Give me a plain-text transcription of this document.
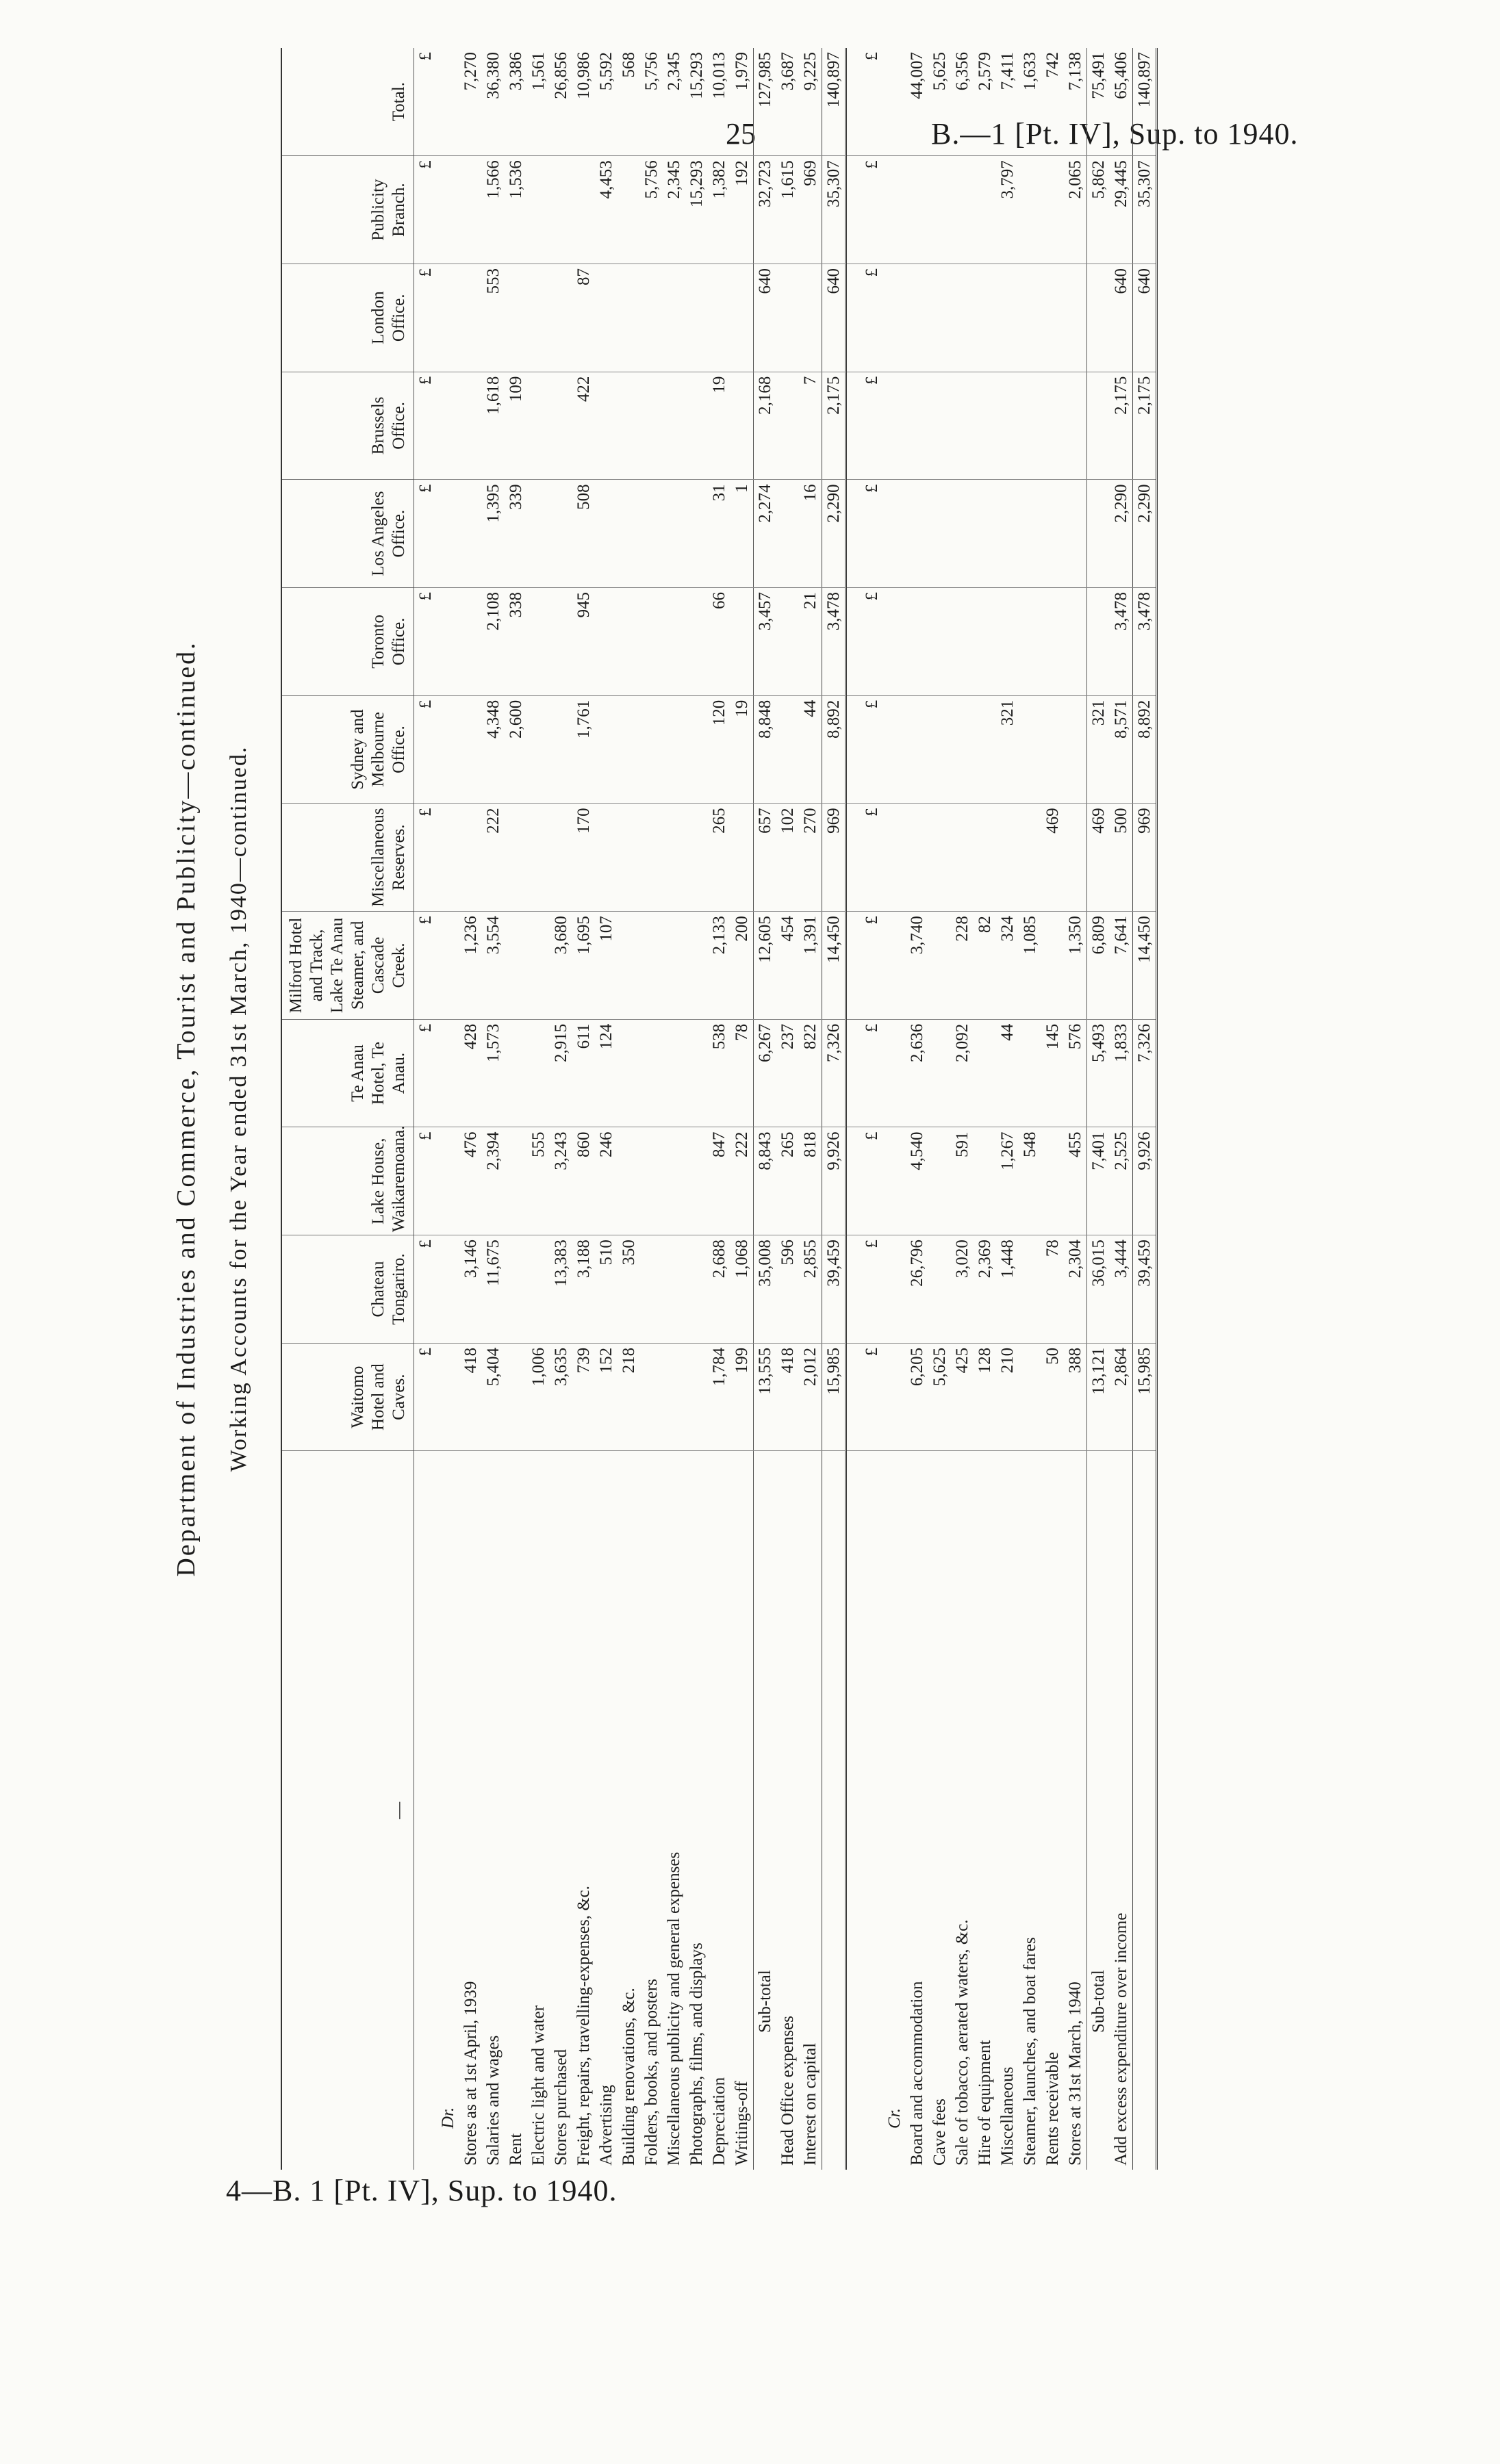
25	B.—1 [Pt. IV], Sup. to 1940.
4—B. 1 [Pt. IV], Sup. to 1940.
Department of Industries and Commerce, Tourist and Publicity—continued. Working Accounts for the Year ended 31st March, 1940—continued.
—	Waitomo Hotel and Caves.	Chateau Tongariro.	Lake House, Waikaremoana.	Te Anau Hotel, Te Anau.	Milford Hotel and Track, Lake Te Anau Steamer, and Cascade Creek.	Miscellaneous Reserves.	Sydney and Melbourne Office.	Toronto Office.	Los Angeles Office.	Brussels Office.	London Office.	Publicity Branch.	Total.
	£	£	£	£	£	£	£	£	£	£	£	£	£
Dr.													
Stores as at 1st April, 1939	418	3,146	476	428	1,236								7,270
Salaries and wages	5,404	11,675	2,394	1,573	3,554	222	4,348	2,108	1,395	1,618	553	1,566	36,380
Rent							2,600	338	339	109		1,536	3,386
Electric light and water	1,006		555										1,561
Stores purchased	3,635	13,383	3,243	2,915	3,680								26,856
Freight, repairs, travelling-expenses, &c.	739	3,188	860	611	1,695	170	1,761	945	508	422	87		10,986
Advertising	152	510	246	124	107							4,453	5,592
Building renovations, &c.	218	350											568
Folders, books, and posters												5,756	5,756
Miscellaneous publicity and general expenses												2,345	2,345
Photographs, films, and displays												15,293	15,293
Depreciation	1,784	2,688	847	538	2,133	265	120	66	31	19		1,382	10,013
Writings-off	199	1,068	222	78	200		19		1			192	1,979
Sub-total	13,555	35,008	8,843	6,267	12,605	657	8,848	3,457	2,274	2,168	640	32,723	127,985
Head Office expenses	418	596	265	237	454	102						1,615	3,687
Interest on capital	2,012	2,855	818	822	1,391	270	44	21	16	7		969	9,225
	15,985	39,459	9,926	7,326	14,450	969	8,892	3,478	2,290	2,175	640	35,307	140,897

	£	£	£	£	£	£	£	£	£	£	£	£	£
Cr.													
Board and accommodation	6,205	26,796	4,540	2,636	3,740								44,007
Cave fees	5,625												5,625
Sale of tobacco, aerated waters, &c.	425	3,020	591	2,092	228								6,356
Hire of equipment	128	2,369			82								2,579
Miscellaneous	210	1,448	1,267	44	324		321					3,797	7,411
Steamer, launches, and boat fares			548		1,085								1,633
Rents receivable	50	78		145		469							742
Stores at 31st March, 1940	388	2,304	455	576	1,350							2,065	7,138
Sub-total	13,121	36,015	7,401	5,493	6,809	469	321					5,862	75,491
Add excess expenditure over income	2,864	3,444	2,525	1,833	7,641	500	8,571	3,478	2,290	2,175	640	29,445	65,406
	15,985	39,459	9,926	7,326	14,450	969	8,892	3,478	2,290	2,175	640	35,307	140,897
